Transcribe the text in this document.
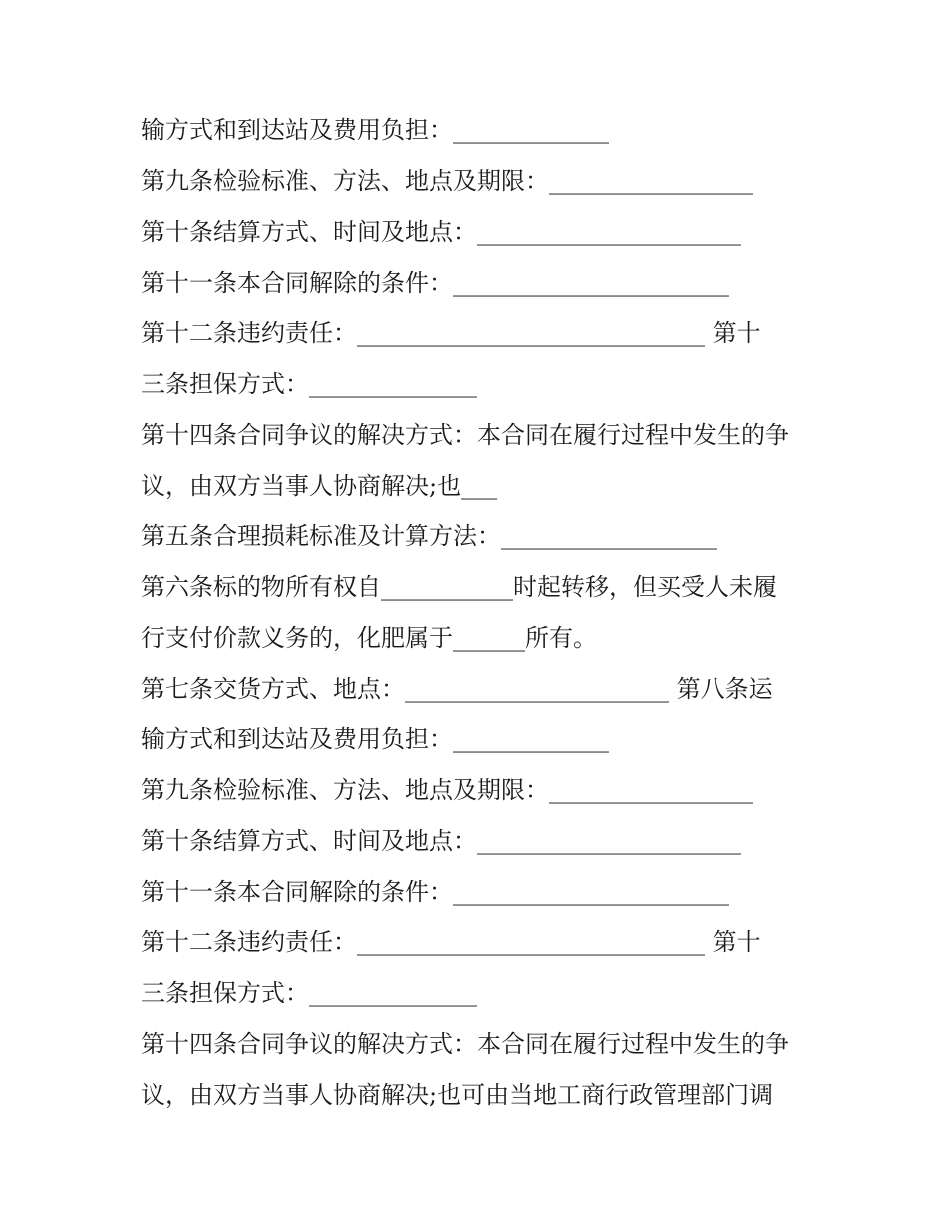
输方式和到达站及费用负担：_____________

第九条检验标准、方法、地点及期限：_________________

第十条结算方式、时间及地点：______________________

第十一条本合同解除的条件：_______________________

第十二条违约责任：_____________________________ 第十

三条担保方式：______________

第十四条合同争议的解决方式：本合同在履行过程中发生的争

议，由双方当事人协商解决;也___

第五条合理损耗标准及计算方法：__________________

第六条标的物所有权自___________时起转移，但买受人未履

行支付价款义务的，化肥属于______所有。

第七条交货方式、地点：______________________ 第八条运

输方式和到达站及费用负担：_____________

第九条检验标准、方法、地点及期限：_________________

第十条结算方式、时间及地点：______________________

第十一条本合同解除的条件：_______________________

第十二条违约责任：_____________________________ 第十

三条担保方式：______________

第十四条合同争议的解决方式：本合同在履行过程中发生的争

议，由双方当事人协商解决;也可由当地工商行政管理部门调
